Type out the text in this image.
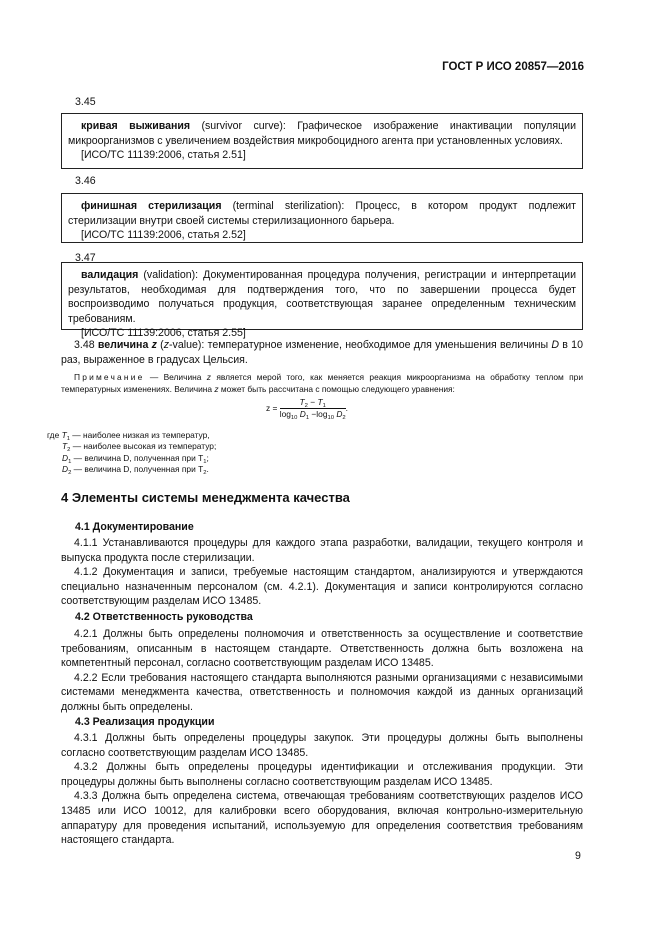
ГОСТ Р ИСО 20857—2016
3.45

кривая выживания (survivor curve): Графическое изображение инактивации популяции микроорганизмов с увеличением воздействия микробоцидного агента при установленных условиях.

[ИСО/ТС 11139:2006, статья 2.51]

3.46

финишная стерилизация (terminal sterilization): Процесс, в котором продукт подлежит стерилизации внутри своей системы стерилизационного барьера.

[ИСО/ТС 11139:2006, статья 2.52]

3.47

валидация (validation): Документированная процедура получения, регистрации и интерпретации результатов, необходимая для подтверждения того, что по завершении процесса будет воспроизводимо получаться продукция, соответствующая заранее определенным техническим требованиям.

[ИСО/ТС 11139:2006, статья 2.55]

3.48 величина z (z-value): температурное изменение, необходимое для уменьшения величины D в 10 раз, выраженное в градусах Цельсия.

Примечание — Величина z является мерой того, как меняется реакция микроорганизма на обработку теплом при температурных изменениях. Величина z может быть рассчитана с помощью следующего уравнения:

$z = \frac{T_2 - T_1}{\log_{10} D_1 -\log_{10} D_2}$ .
где $T_1$ — наиболее низкая из температур,
$T_2$ — наиболее высокая из температур;
$D_1$ — величина D, полученная при $T_1$;
$D_2$ — величина D, полученная при $T_2$.
4 Элементы системы менеджмента качества
4.1 Документирование

4.1.1 Устанавливаются процедуры для каждого этапа разработки, валидации, текущего контроля и выпуска продукта после стерилизации.

4.1.2 Документация и записи, требуемые настоящим стандартом, анализируются и утверждаются специально назначенным персоналом (см. 4.2.1). Документация и записи контролируются согласно соответствующим разделам ИСО 13485.

4.2 Ответственность руководства

4.2.1 Должны быть определены полномочия и ответственность за осуществление и соответствие требованиям, описанным в настоящем стандарте. Ответственность должна быть возложена на компетентный персонал, согласно соответствующим разделам ИСО 13485.

4.2.2 Если требования настоящего стандарта выполняются разными организациями с независимыми системами менеджмента качества, ответственность и полномочия каждой из данных организаций должны быть определены.

4.3 Реализация продукции

4.3.1 Должны быть определены процедуры закупок. Эти процедуры должны быть выполнены согласно соответствующим разделам ИСО 13485.

4.3.2 Должны быть определены процедуры идентификации и отслеживания продукции. Эти процедуры должны быть выполнены согласно соответствующим разделам ИСО 13485.

4.3.3 Должна быть определена система, отвечающая требованиям соответствующих разделов ИСО 13485 или ИСО 10012, для калибровки всего оборудования, включая контрольно-измерительную аппаратуру для проведения испытаний, используемую для определения соответствия требованиям настоящего стандарта.

9
